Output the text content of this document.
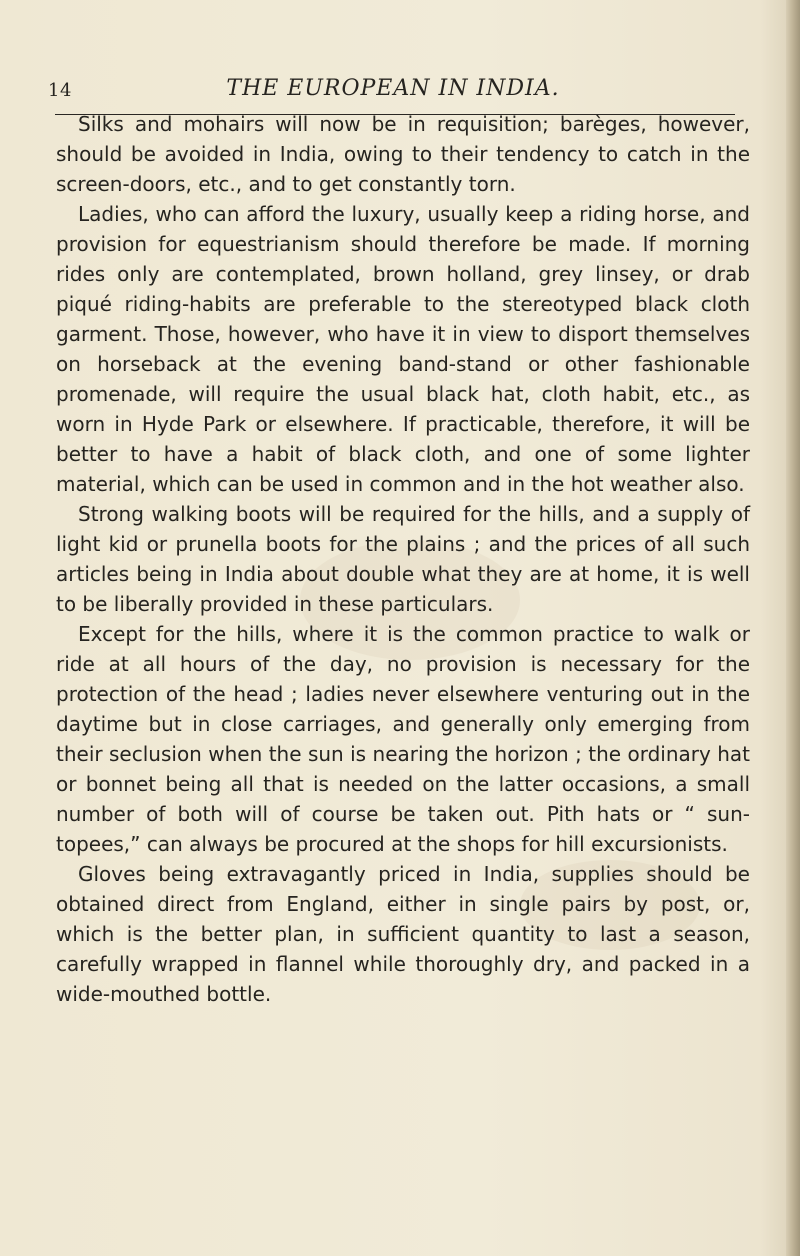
14	THE EUROPEAN IN INDIA.

Silks and mohairs will now be in requisition; barèges, however, should be avoided in India, owing to their tendency to catch in the screen-doors, etc., and to get constantly torn.

Ladies, who can afford the luxury, usually keep a riding horse, and provision for equestrianism should therefore be made. If morning rides only are contemplated, brown holland, grey linsey, or drab piqué riding-habits are preferable to the stereotyped black cloth garment. Those, however, who have it in view to disport themselves on horseback at the evening band-stand or other fashionable promenade, will require the usual black hat, cloth habit, etc., as worn in Hyde Park or elsewhere. If practicable, therefore, it will be better to have a habit of black cloth, and one of some lighter material, which can be used in common and in the hot weather also.

Strong walking boots will be required for the hills, and a supply of light kid or prunella boots for the plains ; and the prices of all such articles being in India about double what they are at home, it is well to be liberally provided in these particulars.

Except for the hills, where it is the common practice to walk or ride at all hours of the day, no provision is necessary for the protection of the head ; ladies never elsewhere venturing out in the daytime but in close carriages, and generally only emerging from their seclusion when the sun is nearing the horizon ; the ordinary hat or bonnet being all that is needed on the latter occasions, a small number of both will of course be taken out. Pith hats or “ sun-topees,” can always be procured at the shops for hill excursionists.

Gloves being extravagantly priced in India, supplies should be obtained direct from England, either in single pairs by post, or, which is the better plan, in sufficient quantity to last a season, carefully wrapped in flannel while thoroughly dry, and packed in a wide-mouthed bottle.
